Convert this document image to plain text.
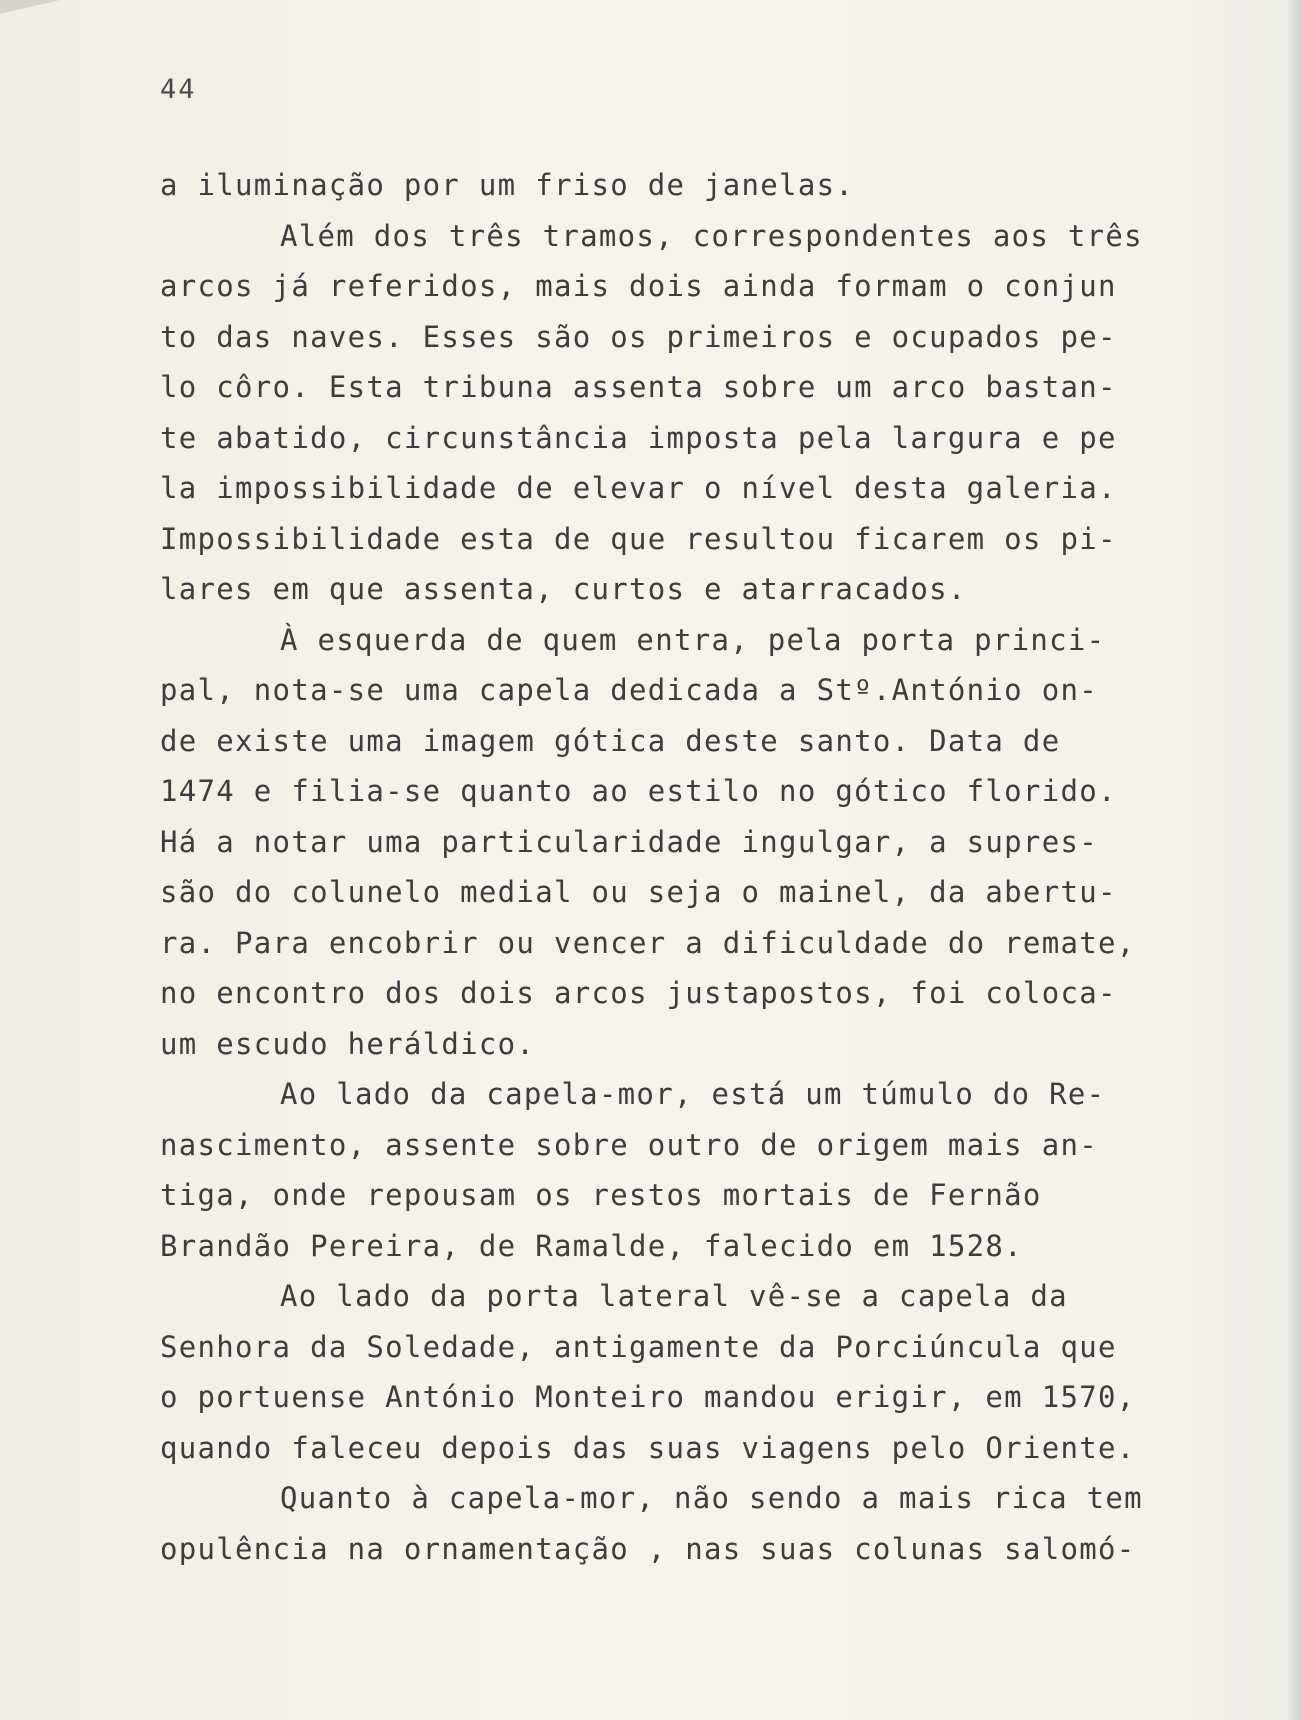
44
a iluminação por um friso de janelas.
Além dos três tramos, correspondentes aos três
arcos já referidos, mais dois ainda formam o conjun
to das naves. Esses são os primeiros e ocupados pe-
lo côro. Esta tribuna assenta sobre um arco bastan-
te abatido, circunstância imposta pela largura e pe
la impossibilidade de elevar o nível desta galeria.
Impossibilidade esta de que resultou ficarem os pi-
lares em que assenta, curtos e atarracados.
À esquerda de quem entra, pela porta princi-
pal, nota-se uma capela dedicada a Stº.António on-
de existe uma imagem gótica deste santo. Data de
1474 e filia-se quanto ao estilo no gótico florido.
Há a notar uma particularidade ingulgar, a supres-
são do colunelo medial ou seja o mainel, da abertu-
ra. Para encobrir ou vencer a dificuldade do remate,
no encontro dos dois arcos justapostos, foi coloca-
um escudo heráldico.
Ao lado da capela-mor, está um túmulo do Re-
nascimento, assente sobre outro de origem mais an-
tiga, onde repousam os restos mortais de Fernão
Brandão Pereira, de Ramalde, falecido em 1528.
Ao lado da porta lateral vê-se a capela da
Senhora da Soledade, antigamente da Porciúncula que
o portuense António Monteiro mandou erigir, em 1570,
quando faleceu depois das suas viagens pelo Oriente.
Quanto à capela-mor, não sendo a mais rica tem
opulência na ornamentação , nas suas colunas salomó-
